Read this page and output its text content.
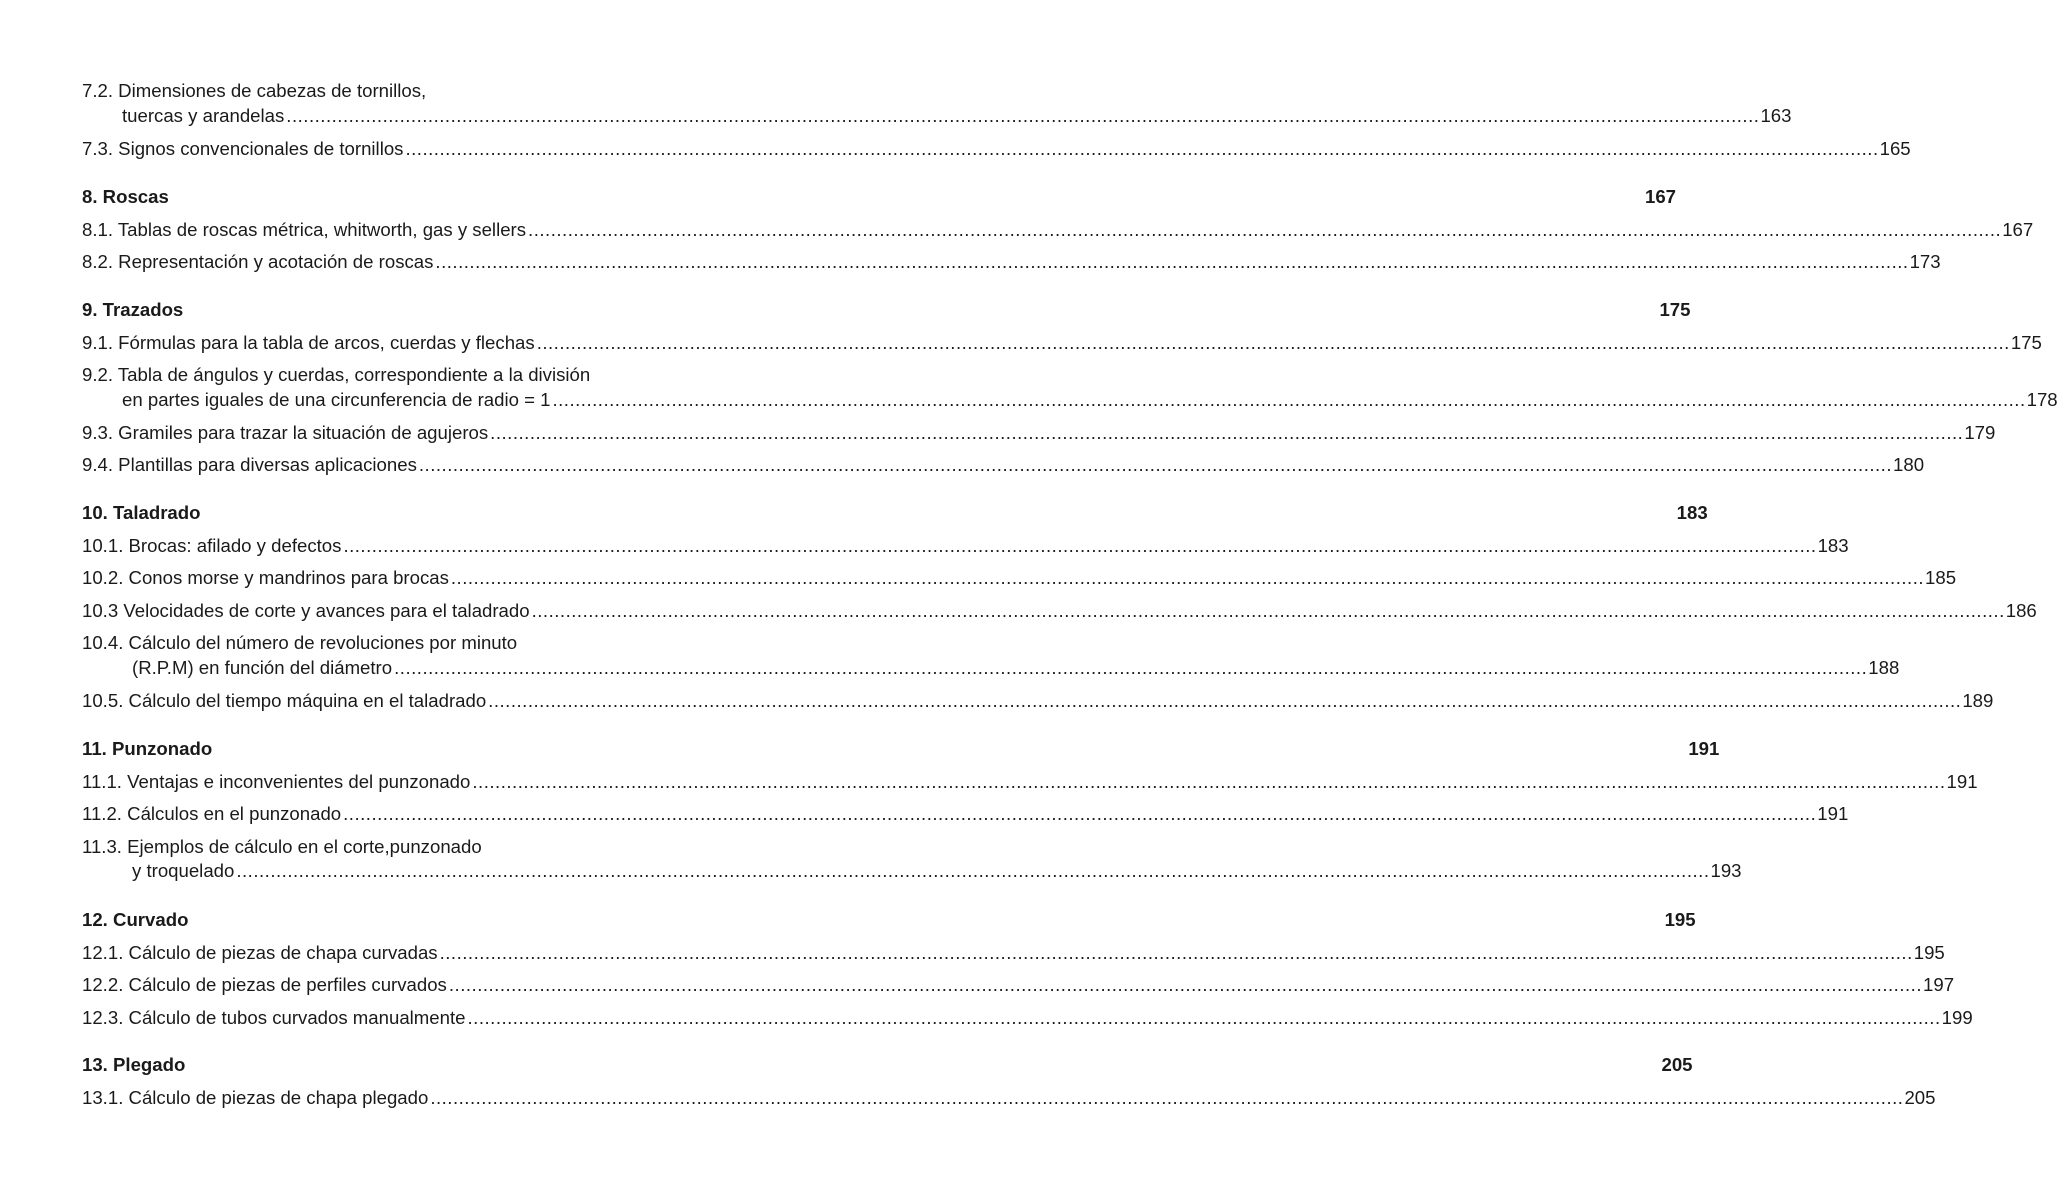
7.2. Dimensiones de cabezas de tornillos,
tuercas y arandelas .................................................................................................................................................................................................................................................................... 163
7.3. Signos convencionales de tornillos .................................................................................................................................................................................................................................................................... 165
8. Roscas	167
8.1. Tablas de roscas métrica, whitworth, gas y sellers .................................................................................................................................................................................................................................................................... 167
8.2. Representación y acotación de roscas .................................................................................................................................................................................................................................................................... 173
9. Trazados	175
9.1. Fórmulas para la tabla de arcos, cuerdas y flechas .................................................................................................................................................................................................................................................................... 175
9.2. Tabla de ángulos y cuerdas, correspondiente a la división
en partes iguales de una circunferencia de radio = 1 .................................................................................................................................................................................................................................................................... 178
9.3. Gramiles para trazar la situación de agujeros .................................................................................................................................................................................................................................................................... 179
9.4. Plantillas para diversas aplicaciones .................................................................................................................................................................................................................................................................... 180
10. Taladrado	183
10.1. Brocas: afilado y defectos .................................................................................................................................................................................................................................................................... 183
10.2. Conos morse y mandrinos para brocas .................................................................................................................................................................................................................................................................... 185
10.3 Velocidades de corte y avances para el taladrado .................................................................................................................................................................................................................................................................... 186
10.4. Cálculo del número de revoluciones por minuto
(R.P.M) en función del diámetro .................................................................................................................................................................................................................................................................... 188
10.5. Cálculo del tiempo máquina en el taladrado .................................................................................................................................................................................................................................................................... 189
11. Punzonado	191
11.1. Ventajas e inconvenientes del punzonado .................................................................................................................................................................................................................................................................... 191
11.2. Cálculos en el punzonado .................................................................................................................................................................................................................................................................... 191
11.3. Ejemplos de cálculo en el corte,punzonado
y troquelado .................................................................................................................................................................................................................................................................... 193
12. Curvado	195
12.1. Cálculo de piezas de chapa curvadas .................................................................................................................................................................................................................................................................... 195
12.2. Cálculo de piezas de perfiles curvados .................................................................................................................................................................................................................................................................... 197
12.3. Cálculo de tubos curvados manualmente .................................................................................................................................................................................................................................................................... 199
13. Plegado	205
13.1. Cálculo de piezas de chapa plegado .................................................................................................................................................................................................................................................................... 205
